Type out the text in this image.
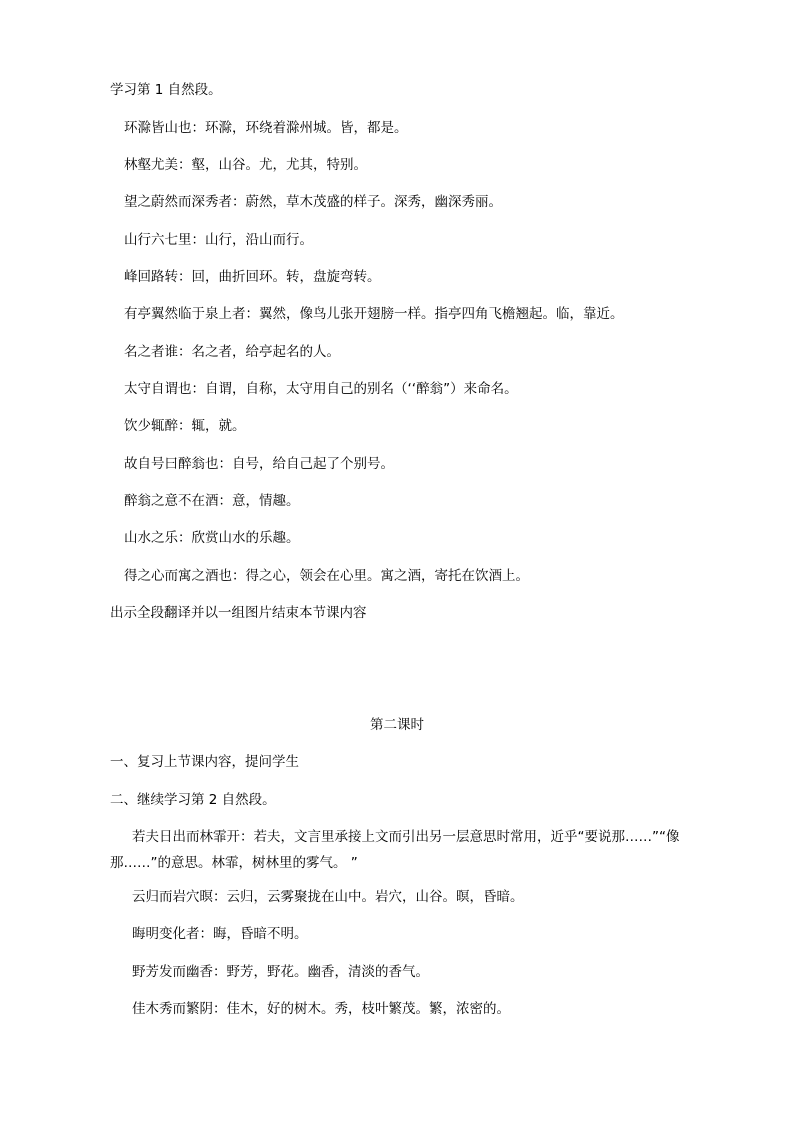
学习第 1 自然段。
环滁皆山也：环滁，环绕着滁州城。皆，都是。
林壑尤美：壑，山谷。尤，尤其，特别。
望之蔚然而深秀者：蔚然，草木茂盛的样子。深秀，幽深秀丽。
山行六七里：山行，沿山而行。
峰回路转：回，曲折回环。转，盘旋弯转。
有亭翼然临于泉上者：翼然，像鸟儿张开翅膀一样。指亭四角飞檐翘起。临，靠近。
名之者谁：名之者，给亭起名的人。
太守自谓也：自谓，自称，太守用自己的别名（‘‘醉翁”）来命名。
饮少辄醉：辄，就。
故自号曰醉翁也：自号，给自己起了个别号。
醉翁之意不在酒：意，情趣。
山水之乐：欣赏山水的乐趣。
得之心而寓之酒也：得之心，领会在心里。寓之酒，寄托在饮酒上。
出示全段翻译并以一组图片结束本节课内容
第二课时
一、复习上节课内容，提问学生
二、继续学习第 2 自然段。
若夫日出而林霏开：若夫，文言里承接上文而引出另一层意思时常用，近乎“要说那……”“像那……”的意思。林霏，树林里的雾气。 ”
云归而岩穴暝：云归，云雾聚拢在山中。岩穴，山谷。暝，昏暗。
晦明变化者：晦，昏暗不明。
野芳发而幽香：野芳，野花。幽香，清淡的香气。
佳木秀而繁阴：佳木，好的树木。秀，枝叶繁茂。繁，浓密的。
